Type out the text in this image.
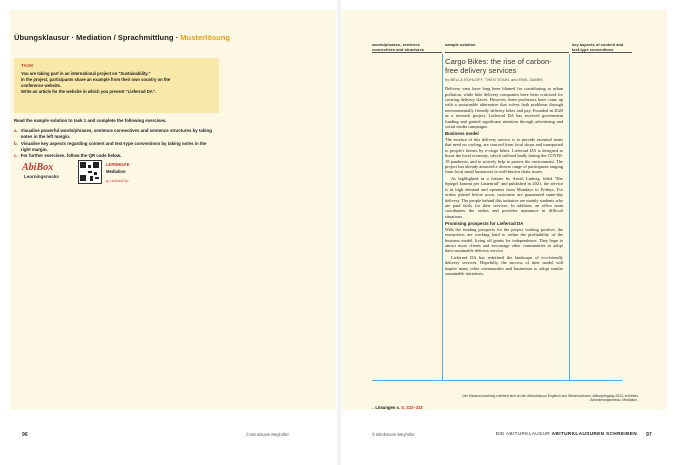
Übungsklausur · Mediation / Sprachmittlung · Musterlösung
TASK
You are taking part in an international project on "Sustainability."
In the project, participants share an example from their own country on the
conference website.
Write an article for the website in which you present "Lieferrad DA".
Read the sample solution to task 1 and complete the following exercises.
a. Visualise powerful words/phrases, sentence connectives and sentence structures by taking notes in the left margin.
b. Visualise key aspects regarding content and text-type conventions by taking notes in the right margin.
c. For further exercises, follow the QR code below.
AbiBox
Learningsnacks
LERNHILFE
Mediation
q-r.to/bsUCp
96	© Brinkmann Meyhöfer
words/phrases, sentence connectives and structures
sample solution	key aspects of content and text-type conventions
Cargo Bikes: the rise of carbon-free delivery services
by BELLA ROHLOFF, THEO STAHL and EMIL ZAMEK

Delivery vans have long been blamed for contributing to urban pollution, while bike delivery companies have been criticised for creating delivery slaves. However, three professors have come up with a sustainable alternative that solves both problems through environmentally friendly delivery bikes and pay. Founded in 2020 as a research project, Lieferrad DA has received government funding and gained significant attention through advertising and social media campaigns.

Business model

The essence of this delivery service is to provide essential items that need no cooling, are sourced from local shops and transported to people's homes by e-cargo bikes. Lieferrad DA is designed to boost the local economy, which suffered badly during the COVID-19 pandemic, and to actively help to protect the environment. The project has already attracted a diverse range of participants ranging from local small businesses to well-known chain stores.

As highlighted in a feature by Astrid Ludwig, titled "Der Spiegel kommt per Lastenrad" and published in 2021, the service is in high demand and operates from Mondays to Fridays. For orders placed before noon, customers are guaranteed same-day delivery. The people behind this initiative are mainly students who are paid fairly for their services. In addition, an office team coordinates the orders and provides assistance in difficult situations.

Promising prospects for Lieferrad DA

With the funding prospects for the project looking positive, the researchers are working hard to refine the profitability of the business model, living off grants for independence. They hope to attract more clients and encourage other communities to adopt their sustainable delivery service.

Lieferrad DA has redefined the landscape of eco-friendly delivery services. Hopefully, the success of their model will inspire many other communities and businesses to adopt similar sustainable initiatives.

Der Klausurvorschlag orientiert sich an der Abiturklausur Englisch aus Niedersachsen, Abiturjahrgang 2023, erhöhtes Anforderungsniveau, Mediation.
→ Lösungen s. S. 322–333
© Brinkmann Meyhöfer	DIE ABITURKLAUSUR ABITURKLAUSUREN SCHREIBEN 97
